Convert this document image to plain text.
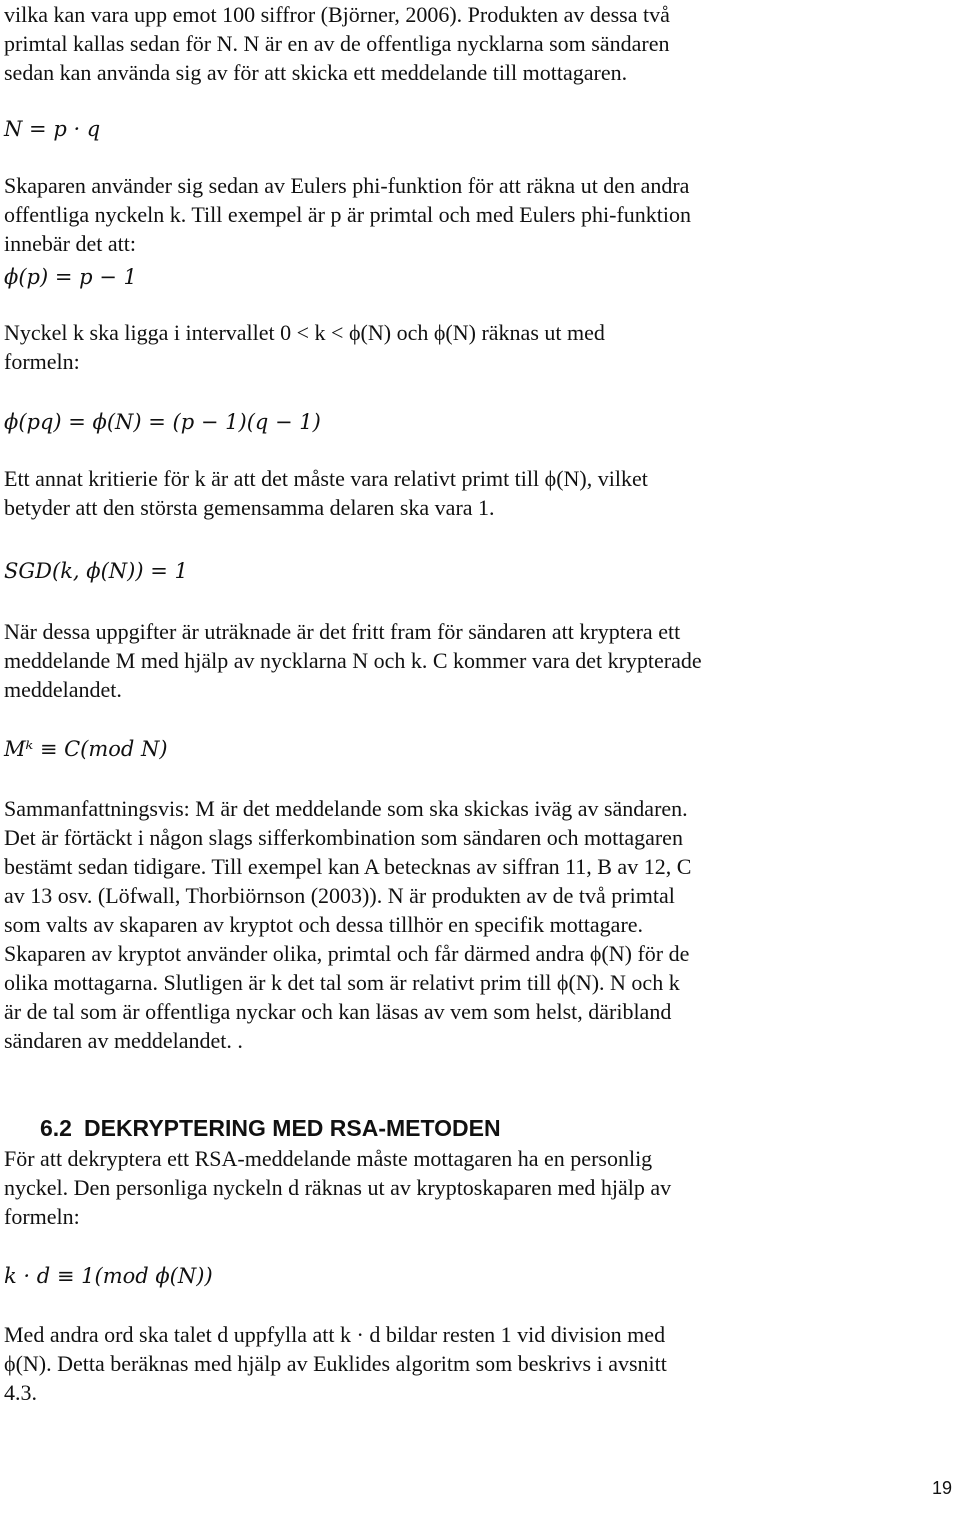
vilka kan vara upp emot 100 siffror (Björner, 2006). Produkten av dessa två

primtal kallas sedan för N. N är en av de offentliga nycklarna som sändaren

sedan kan använda sig av för att skicka ett meddelande till mottagaren.

N = p · q

Skaparen använder sig sedan av Eulers phi-funktion för att räkna ut den andra

offentliga nyckeln k. Till exempel är p är primtal och med Eulers phi-funktion

innebär det att:

ϕ(p) = p − 1

Nyckel k ska ligga i intervallet 0 < k < ϕ(N) och ϕ(N) räknas ut med

formeln:

ϕ(pq) = ϕ(N) = (p − 1)(q − 1)

Ett annat kritierie för k är att det måste vara relativt primt till ϕ(N), vilket

betyder att den största gemensamma delaren ska vara 1.

SGD(k, ϕ(N)) = 1

När dessa uppgifter är uträknade är det fritt fram för sändaren att kryptera ett

meddelande M med hjälp av nycklarna N och k. C kommer vara det krypterade

meddelandet.

Mᵏ ≡ C(mod N)

Sammanfattningsvis: M är det meddelande som ska skickas iväg av sändaren.

Det är förtäckt i någon slags sifferkombination som sändaren och mottagaren

bestämt sedan tidigare. Till exempel kan A betecknas av siffran 11, B av 12, C

av 13 osv. (Löfwall, Thorbiörnson (2003)). N är produkten av de två primtal

som valts av skaparen av kryptot och dessa tillhör en specifik mottagare.

Skaparen av kryptot använder olika, primtal och får därmed andra ϕ(N) för de

olika mottagarna. Slutligen är k det tal som är relativt prim till ϕ(N). N och k

är de tal som är offentliga nyckar och kan läsas av vem som helst, däribland

sändaren av meddelandet. .

6.2 DEKRYPTERING MED RSA-METODEN

För att dekryptera ett RSA-meddelande måste mottagaren ha en personlig

nyckel. Den personliga nyckeln d räknas ut av kryptoskaparen med hjälp av

formeln:

k · d ≡ 1(mod ϕ(N))

Med andra ord ska talet d uppfylla att k · d bildar resten 1 vid division med

ϕ(N). Detta beräknas med hjälp av Euklides algoritm som beskrivs i avsnitt

4.3.

19
